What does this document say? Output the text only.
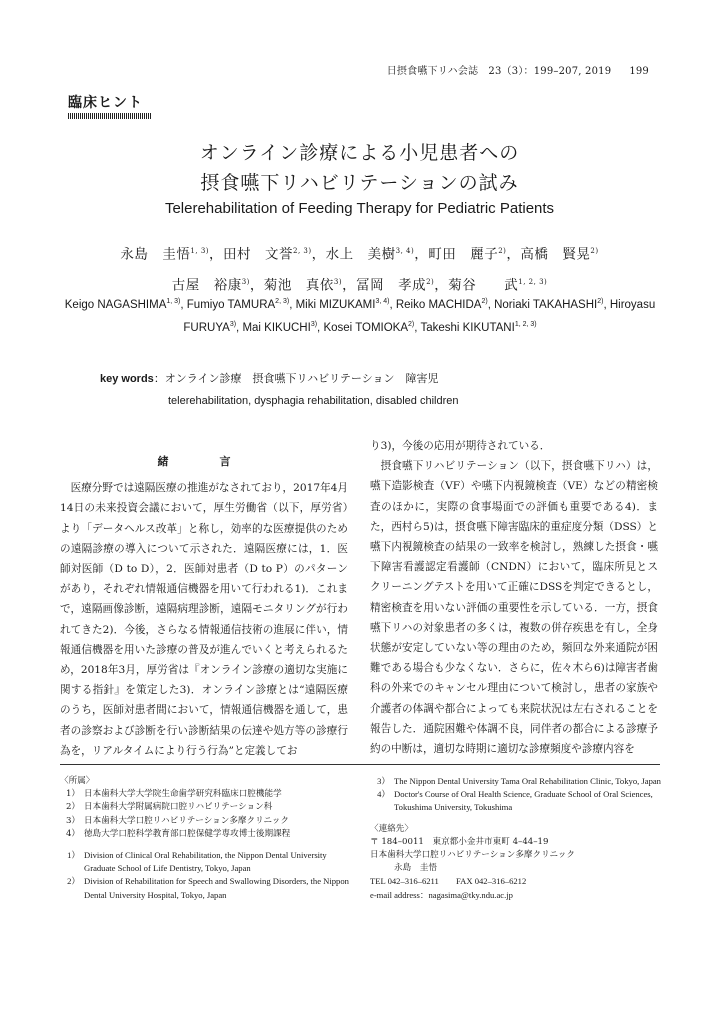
日摂食嚥下リハ会誌　23（3）：199–207, 2019 199
臨床ヒント
オンライン診療による小児患者への
摂食嚥下リハビリテーションの試み
Telerehabilitation of Feeding Therapy for Pediatric Patients
永島　圭悟$^{1, 3)}$，田村　文誉$^{2, 3)}$，水上　美樹$^{3, 4)}$，町田　麗子$^{2)}$，高橋　賢晃$^{2)}$
古屋　裕康$^{3)}$，菊池　真依$^{3)}$，冨岡　孝成$^{2)}$，菊谷　　武$^{1, 2, 3)}$
Keigo NAGASHIMA$^{1, 3)}$, Fumiyo TAMURA$^{2, 3)}$, Miki MIZUKAMI$^{3, 4)}$, Reiko MACHIDA$^{2)}$, Noriaki TAKAHASHI$^{2)}$, Hiroyasu FURUYA$^{3)}$, Mai KIKUCHI$^{3)}$, Kosei TOMIOKA$^{2)}$, Takeshi KIKUTANI$^{1, 2, 3)}$
key words：オンライン診療　摂食嚥下リハビリテーション　障害児
telerehabilitation, dysphagia rehabilitation, disabled children
緒　言

医療分野では遠隔医療の推進がなされており，2017年4月14日の未来投資会議において，厚生労働省（以下，厚労省）より「データヘルス改革」と称し，効率的な医療提供のための遠隔診療の導入について示された．遠隔医療には，1．医師対医師（D to D），2．医師対患者（D to P）のパターンがあり，それぞれ情報通信機器を用いて行われる1)．これまで，遠隔画像診断，遠隔病理診断，遠隔モニタリングが行われてきた2)．今後，さらなる情報通信技術の進展に伴い，情報通信機器を用いた診療の普及が進んでいくと考えられるため，2018年3月，厚労省は『オンライン診療の適切な実施に関する指針』を策定した3)．オンライン診療とは“遠隔医療のうち，医師対患者間において，情報通信機器を通して，患者の診察および診断を行い診断結果の伝達や処方等の診療行為を，リアルタイムにより行う行為”と定義してお

り3)，今後の応用が期待されている．

摂食嚥下リハビリテーション（以下，摂食嚥下リハ）は，嚥下造影検査（VF）や嚥下内視鏡検査（VE）などの精密検査のほかに，実際の食事場面での評価も重要である4)．また，西村ら5)は，摂食嚥下障害臨床的重症度分類（DSS）と嚥下内視鏡検査の結果の一致率を検討し，熟練した摂食・嚥下障害看護認定看護師（CNDN）において，臨床所見とスクリーニングテストを用いて正確にDSSを判定できるとし，精密検査を用いない評価の重要性を示している．一方，摂食嚥下リハの対象患者の多くは，複数の併存疾患を有し，全身状態が安定していない等の理由のため，頻回な外来通院が困難である場合も少なくない．さらに，佐々木ら6)は障害者歯科の外来でのキャンセル理由について検討し，患者の家族や介護者の体調や都合によっても来院状況は左右されることを報告した．通院困難や体調不良，同伴者の都合による診療予約の中断は，適切な時期に適切な診療頻度や診療内容を

〈所属〉
1） 日本歯科大学大学院生命歯学研究科臨床口腔機能学
2） 日本歯科大学附属病院口腔リハビリテーション科
3） 日本歯科大学口腔リハビリテーション多摩クリニック
4） 徳島大学口腔科学教育部口腔保健学専攻博士後期課程
1） Division of Clinical Oral Rehabilitation, the Nippon Dental University Graduate School of Life Dentistry, Tokyo, Japan
2） Division of Rehabilitation for Speech and Swallowing Disorders, the Nippon Dental University Hospital, Tokyo, Japan
3） The Nippon Dental University Tama Oral Rehabilitation Clinic, Tokyo, Japan
4） Doctor's Course of Oral Health Science, Graduate School of Oral Sciences, Tokushima University, Tokushima
〈連絡先〉
〒 184–0011　東京都小金井市東町 4–44–19
日本歯科大学口腔リハビリテーション多摩クリニック
永島　圭悟
TEL 042–316–6211　　FAX 042–316–6212
e-mail address：nagasima@tky.ndu.ac.jp
